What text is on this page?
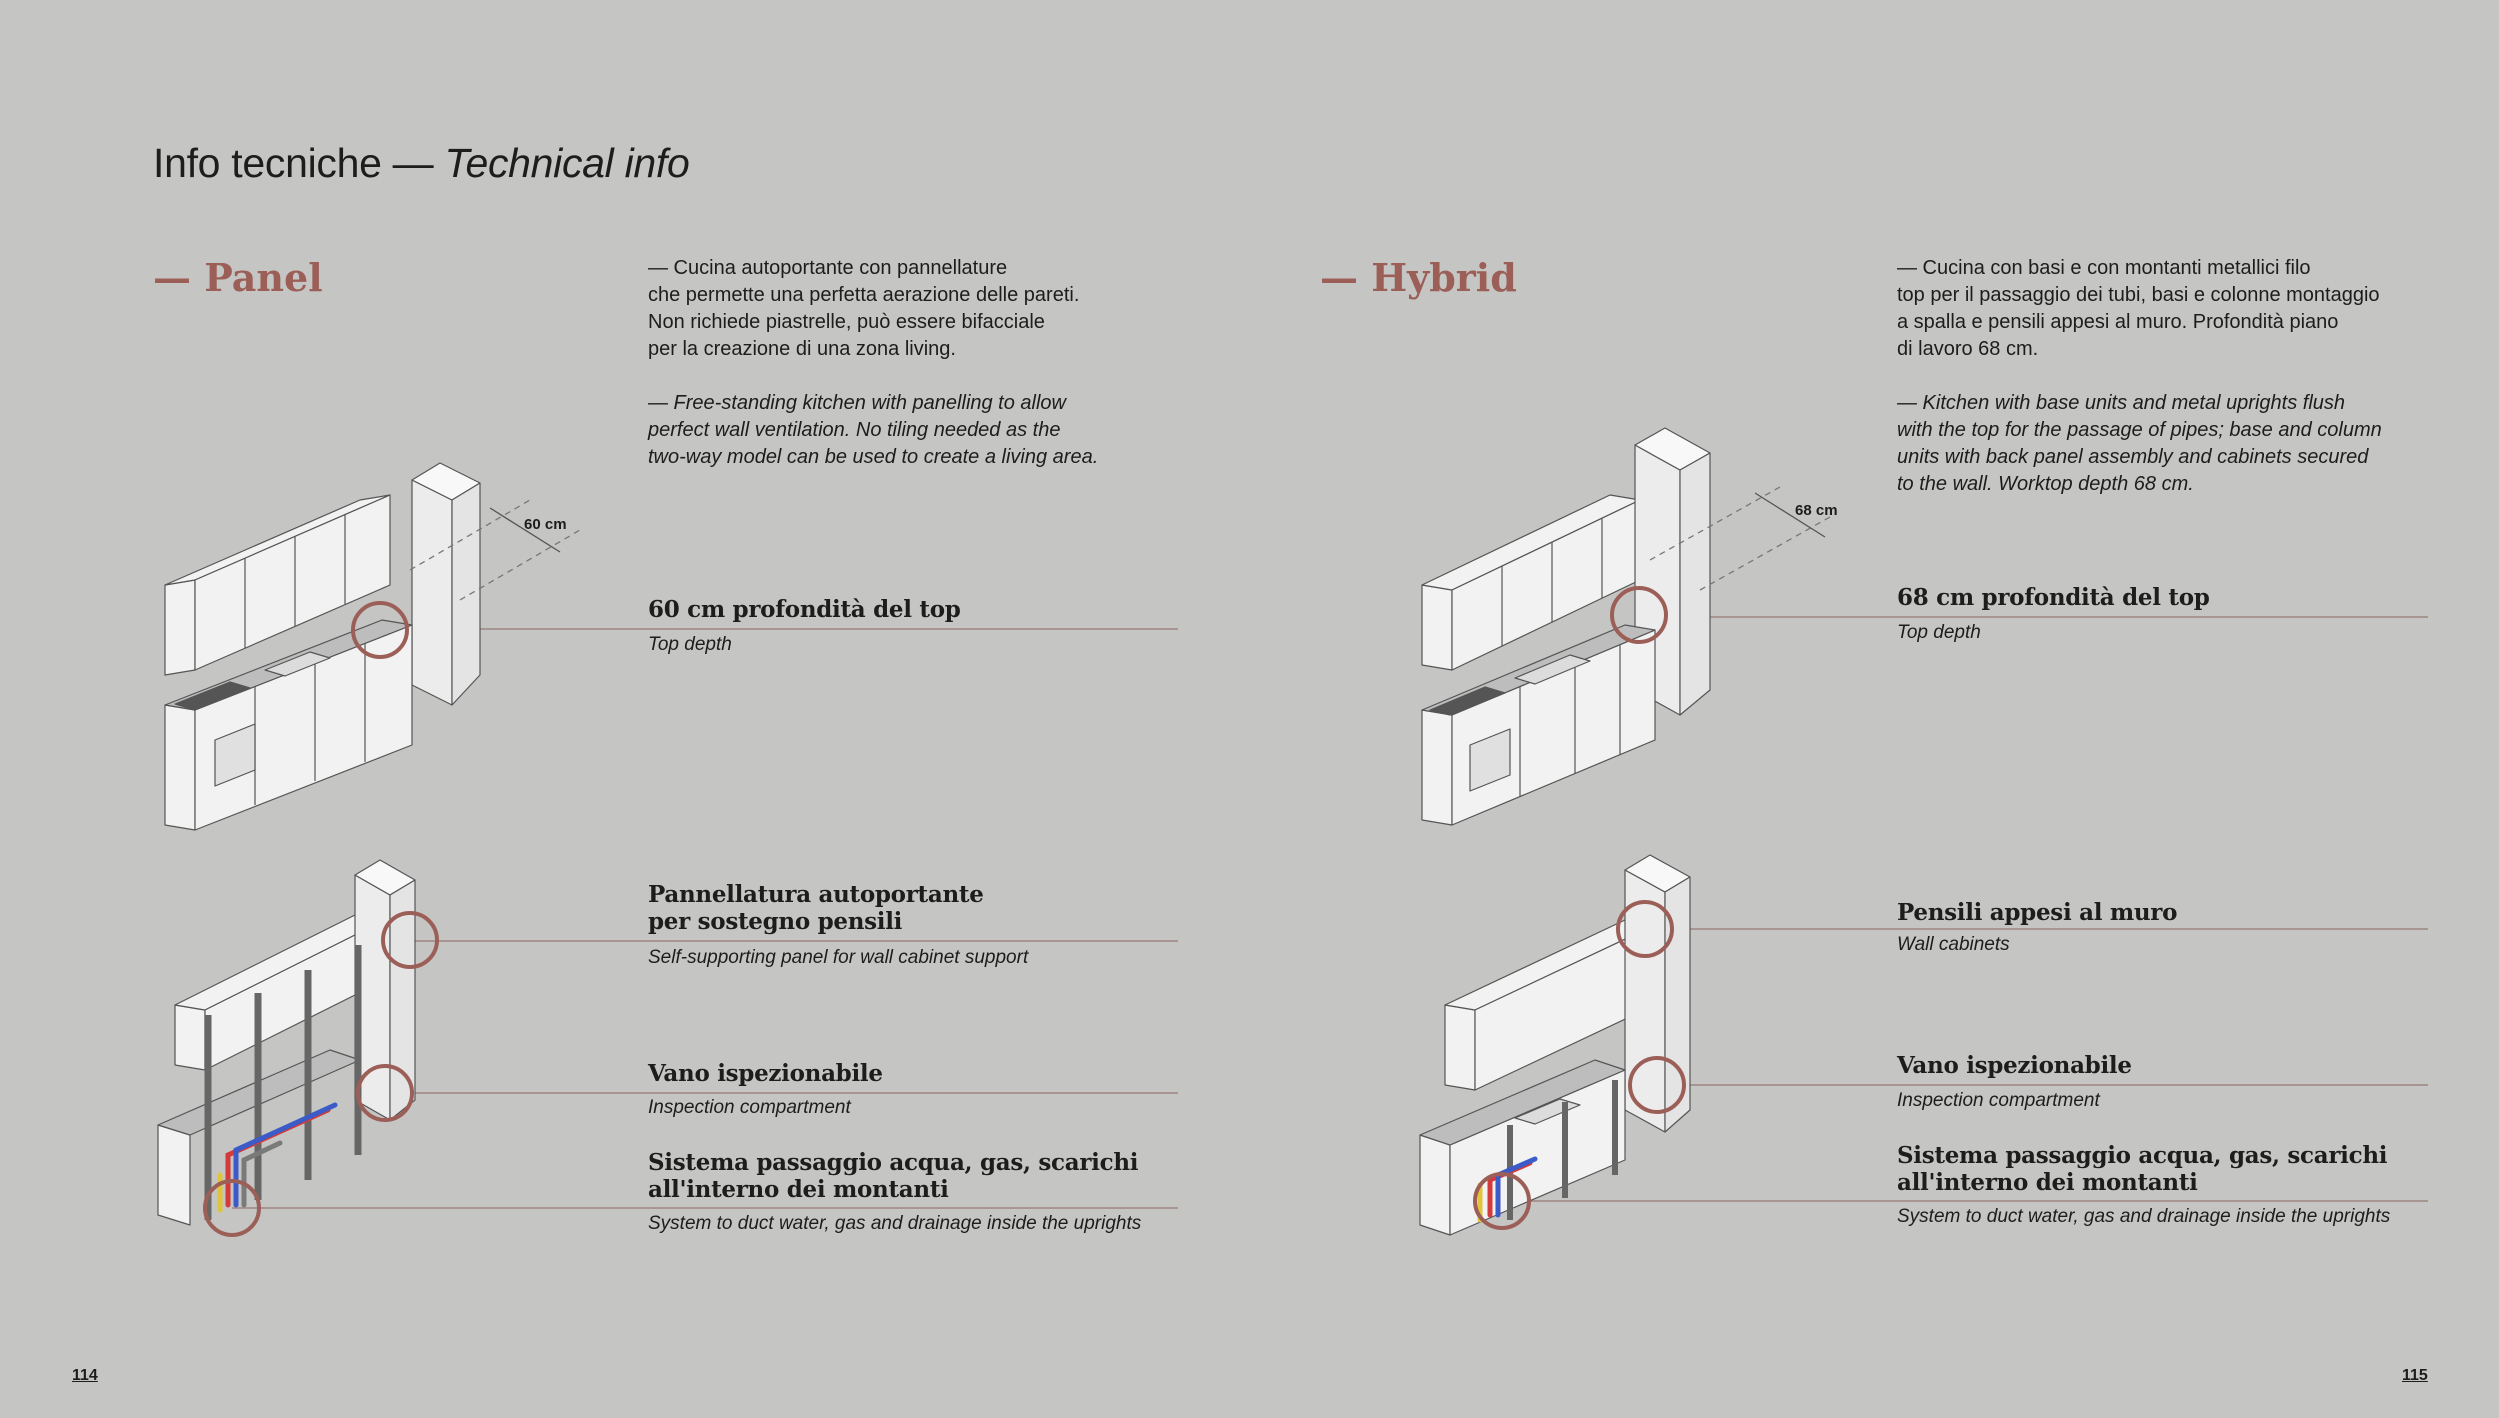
Info tecniche — Technical info
— Panel	— Cucina autoportante con pannellature
che permette una perfetta aerazione delle pareti.
Non richiede piastrelle, può essere bifacciale
per la creazione di una zona living.
— Free-standing kitchen with panelling to allow
perfect wall ventilation. No tiling needed as the
two-way model can be used to create a living area.
60 cm profondità del top
Top depth
Pannellatura autoportante
per sostegno pensili
Self-supporting panel for wall cabinet support
Vano ispezionabile
Inspection compartment
Sistema passaggio acqua, gas, scarichi
all'interno dei montanti
System to duct water, gas and drainage inside the uprights
60 cm
114
— Hybrid	— Cucina con basi e con montanti metallici filo
top per il passaggio dei tubi, basi e colonne montaggio
a spalla e pensili appesi al muro. Profondità piano
di lavoro 68 cm.
— Kitchen with base units and metal uprights flush
with the top for the passage of pipes; base and column
units with back panel assembly and cabinets secured
to the wall. Worktop depth 68 cm.
68 cm profondità del top
Top depth
Pensili appesi al muro
Wall cabinets
Vano ispezionabile
Inspection compartment
Sistema passaggio acqua, gas, scarichi
all'interno dei montanti
System to duct water, gas and drainage inside the uprights
68 cm
115
